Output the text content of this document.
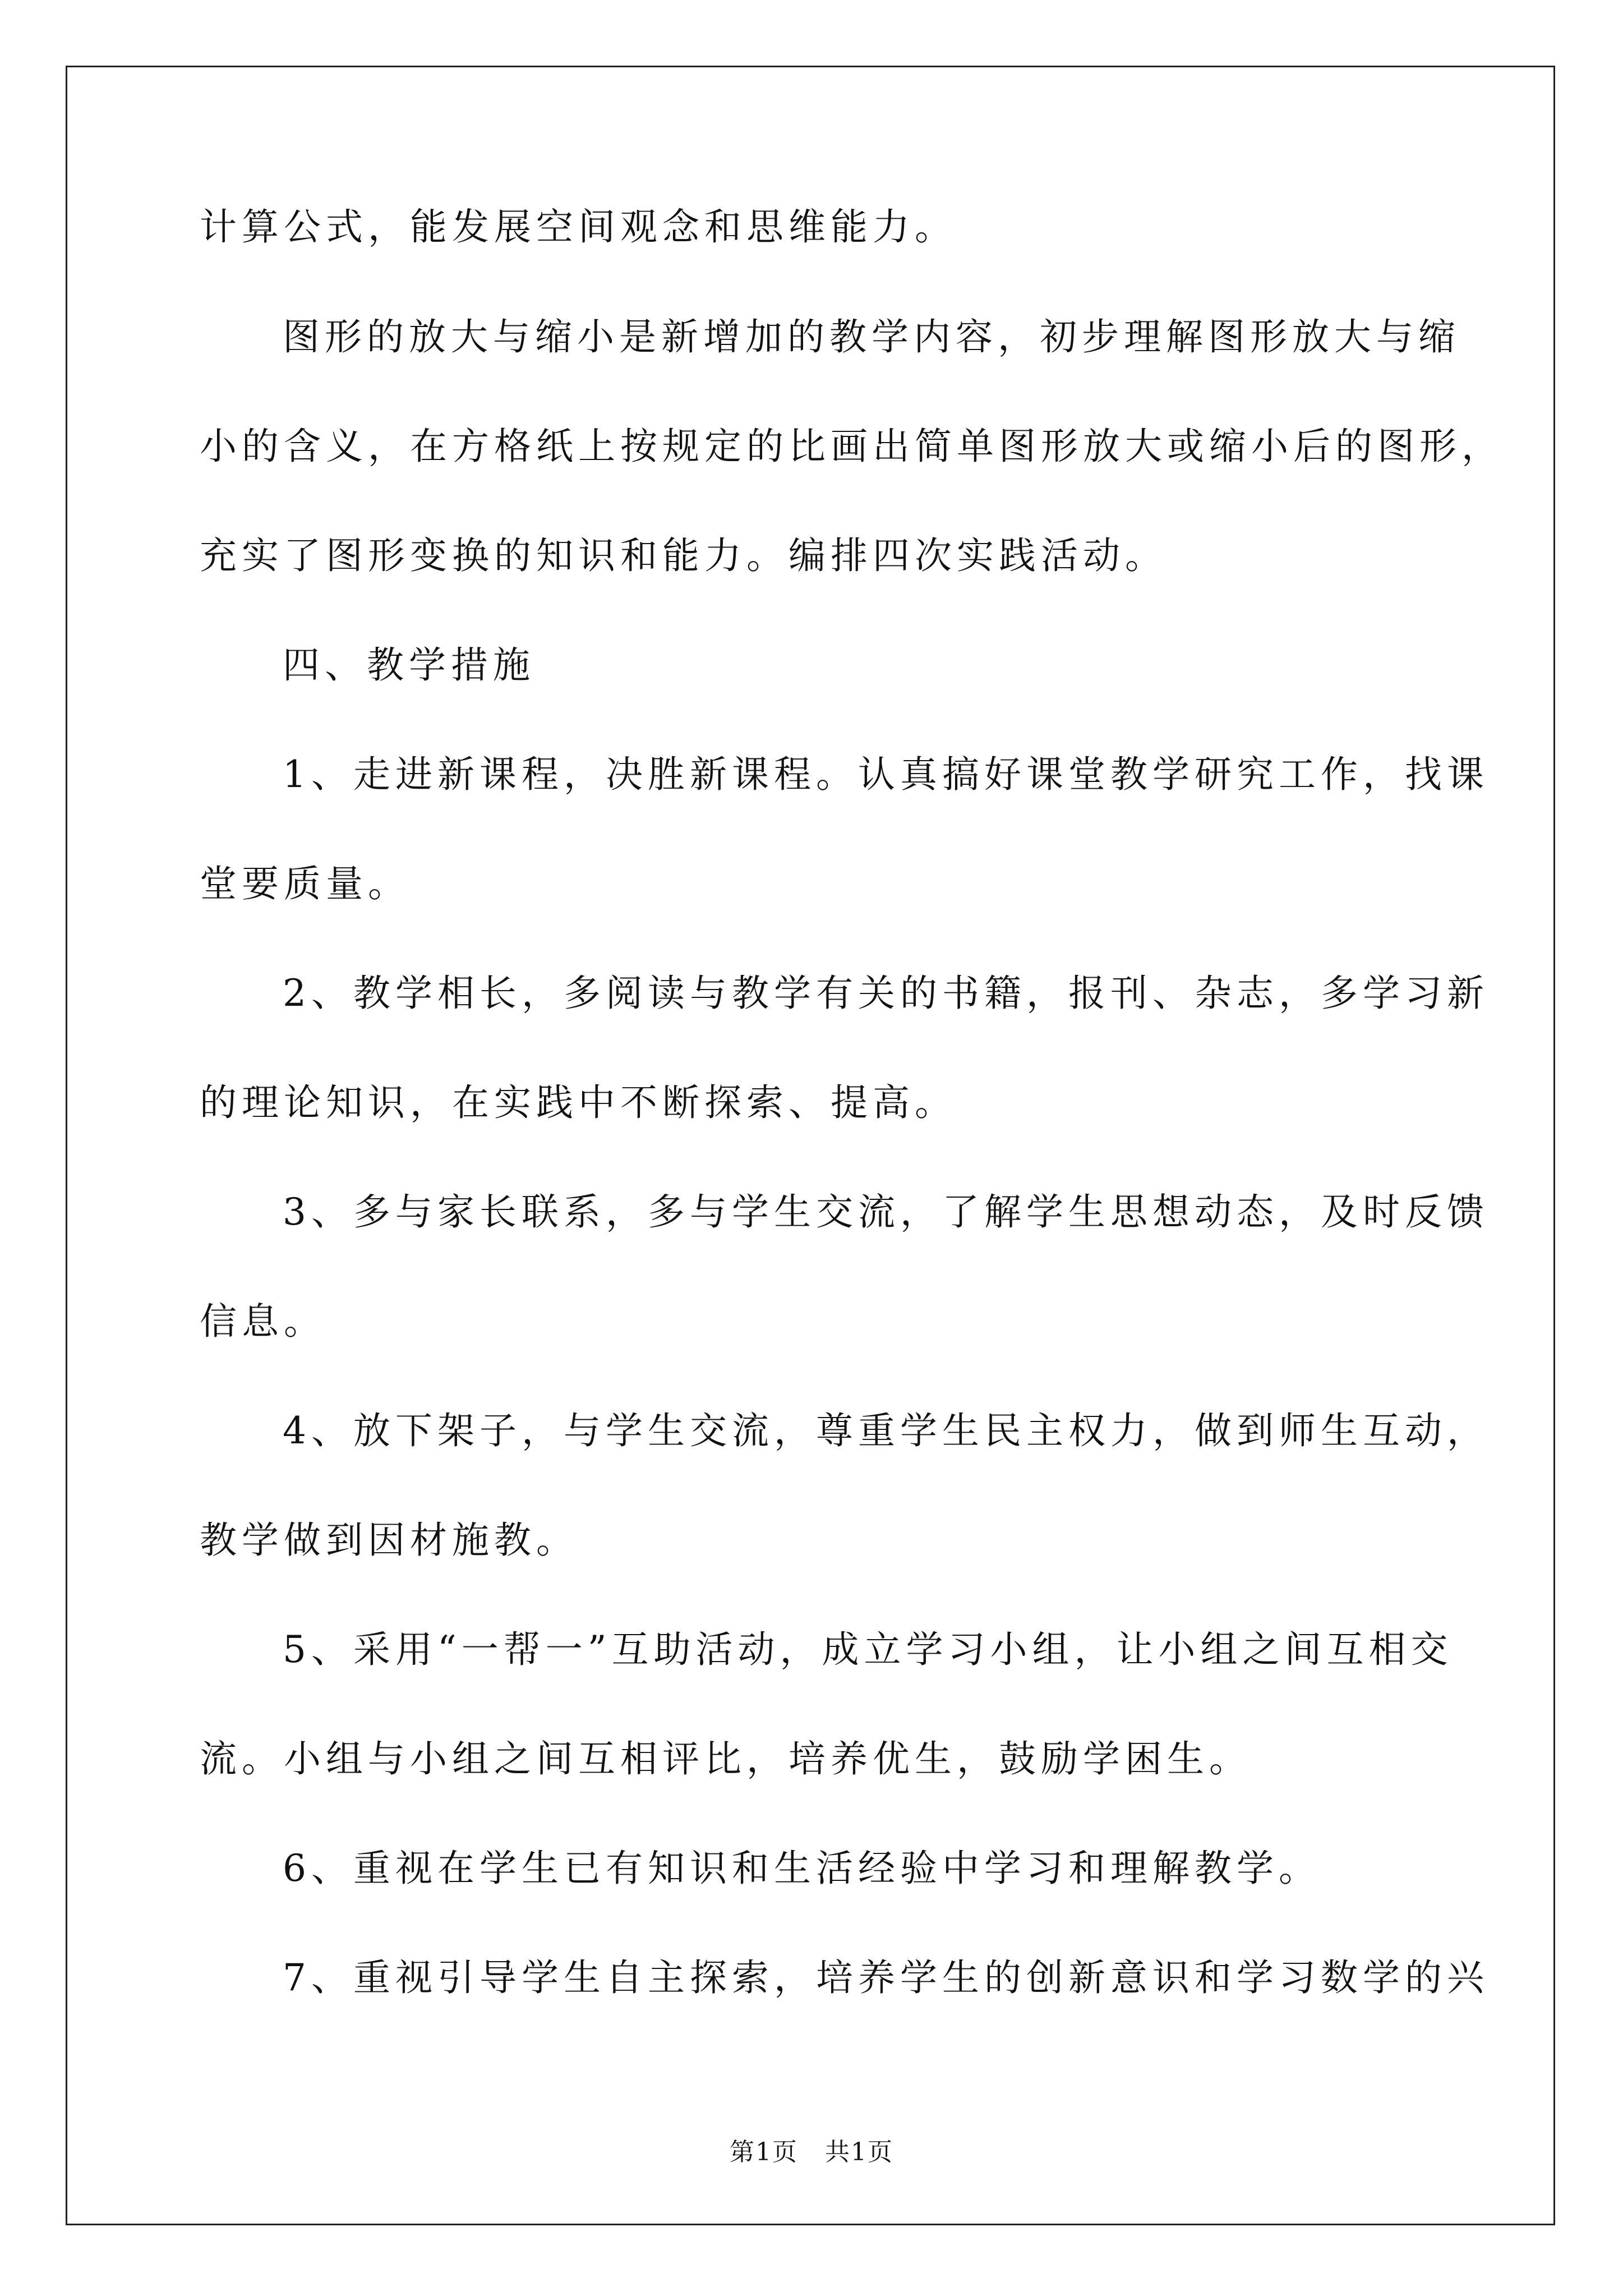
计算公式，能发展空间观念和思维能力。

图形的放大与缩小是新增加的教学内容，初步理解图形放大与缩

小的含义，在方格纸上按规定的比画出简单图形放大或缩小后的图形，

充实了图形变换的知识和能力。编排四次实践活动。

四、教学措施

1、走进新课程，决胜新课程。认真搞好课堂教学研究工作，找课

堂要质量。

2、教学相长，多阅读与教学有关的书籍，报刊、杂志，多学习新

的理论知识，在实践中不断探索、提高。

3、多与家长联系，多与学生交流，了解学生思想动态，及时反馈

信息。

4、放下架子，与学生交流，尊重学生民主权力，做到师生互动，

教学做到因材施教。

5、采用“一帮一”互助活动，成立学习小组，让小组之间互相交

流。小组与小组之间互相评比，培养优生，鼓励学困生。

6、重视在学生已有知识和生活经验中学习和理解教学。

7、重视引导学生自主探索，培养学生的创新意识和学习数学的兴

第1页   共1页
